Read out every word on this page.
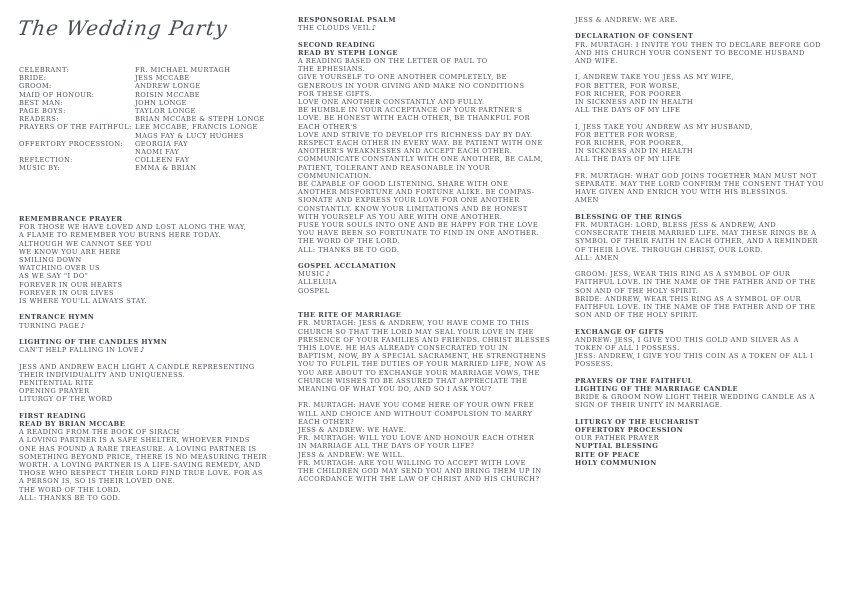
The Wedding Party
CELEBRANT:	FR. MICHAEL MURTAGH
BRIDE:	JESS MCCABE
GROOM:	ANDREW LONGE
MAID OF HONOUR:	ROISIN MCCABE
BEST MAN:	JOHN LONGE
PAGE BOYS:	TAYLOR LONGE
READERS:	BRIAN MCCABE & STEPH LONGE
PRAYERS OF THE FAITHFUL: LEE MCCABE, FRANCIS LONGE
MAGS FAY & LUCY HUGHES
OFFERTORY PROCESSION:	GEORGIA FAY
NAOMI FAY
REFLECTION:	COLLEEN FAY
MUSIC BY:	EMMA & BRIAN
REMEMBRANCE PRAYER
FOR THOSE WE HAVE LOVED AND LOST ALONG THE WAY,
A FLAME TO REMEMBER YOU BURNS HERE TODAY.
ALTHOUGH WE CANNOT SEE YOU
WE KNOW YOU ARE HERE
SMILING DOWN
WATCHING OVER US
AS WE SAY "I DO"
FOREVER IN OUR HEARTS
FOREVER IN OUR LIVES
IS WHERE YOU'LL ALWAYS STAY.
ENTRANCE HYMN
TURNING PAGE♪
LIGHTING OF THE CANDLES HYMN
CAN'T HELP FALLING IN LOVE♪
JESS AND ANDREW EACH LIGHT A CANDLE REPRESENTING
THEIR INDIVIDUALITY AND UNIQUENESS.
PENITENTIAL RITE
OPENING PRAYER
LITURGY OF THE WORD
FIRST READING
READ BY BRIAN MCCABE
A READING FROM THE BOOK OF SIRACH
A LOVING PARTNER IS A SAFE SHELTER, WHOEVER FINDS
ONE HAS FOUND A RARE TREASURE. A LOVING PARTNER IS
SOMETHING BEYOND PRICE, THERE IS NO MEASURING THEIR
WORTH. A LOVING PARTNER IS A LIFE-SAVING REMEDY, AND
THOSE WHO RESPECT THEIR LORD FIND TRUE LOVE. FOR AS
A PERSON IS, SO IS THEIR LOVED ONE.
THE WORD OF THE LORD.
ALL: THANKS BE TO GOD.
RESPONSORIAL PSALM
THE CLOUDS VEIL♪
SECOND READING
READ BY STEPH LONGE
A READING BASED ON THE LETTER OF PAUL TO
THE EPHESIANS.
GIVE YOURSELF TO ONE ANOTHER COMPLETELY, BE
GENEROUS IN YOUR GIVING AND MAKE NO CONDITIONS
FOR THESE GIFTS.
LOVE ONE ANOTHER CONSTANTLY AND FULLY.
BE HUMBLE IN YOUR ACCEPTANCE OF YOUR PARTNER'S
LOVE. BE HONEST WITH EACH OTHER, BE THANKFUL FOR
EACH OTHER'S
LOVE AND STRIVE TO DEVELOP ITS RICHNESS DAY BY DAY.
RESPECT EACH OTHER IN EVERY WAY. BE PATIENT WITH ONE
ANOTHER'S WEAKNESSES AND ACCEPT EACH OTHER.
COMMUNICATE CONSTANTLY WITH ONE ANOTHER, BE CALM,
PATIENT, TOLERANT AND REASONABLE IN YOUR
COMMUNICATION.
BE CAPABLE OF GOOD LISTENING. SHARE WITH ONE
ANOTHER MISFORTUNE AND FORTUNE ALIKE. BE COMPAS-
SIONATE AND EXPRESS YOUR LOVE FOR ONE ANOTHER
CONSTANTLY. KNOW YOUR LIMITATIONS AND BE HONEST
WITH YOURSELF AS YOU ARE WITH ONE ANOTHER.
FUSE YOUR SOULS INTO ONE AND BE HAPPY FOR THE LOVE
YOU HAVE BEEN SO FORTUNATE TO FIND IN ONE ANOTHER.
THE WORD OF THE LORD.
ALL: THANKS BE TO GOD.
GOSPEL ACCLAMATION
MUSIC♪
ALLELUIA
GOSPEL
THE RITE OF MARRIAGE
FR. MURTAGH: JESS & ANDREW, YOU HAVE COME TO THIS
CHURCH SO THAT THE LORD MAY SEAL YOUR LOVE IN THE
PRESENCE OF YOUR FAMILIES AND FRIENDS. CHRIST BLESSES
THIS LOVE. HE HAS ALREADY CONSECRATED YOU IN
BAPTISM, NOW, BY A SPECIAL SACRAMENT, HE STRENGTHENS
YOU TO FULFIL THE DUTIES OF YOUR MARRIED LIFE, NOW AS
YOU ARE ABOUT TO EXCHANGE YOUR MARRIAGE VOWS, THE
CHURCH WISHES TO BE ASSURED THAT APPRECIATE THE
MEANING OF WHAT YOU DO, AND SO I ASK YOU?
FR. MURTAGH: HAVE YOU COME HERE OF YOUR OWN FREE
WILL AND CHOICE AND WITHOUT COMPULSION TO MARRY
EACH OTHER?
JESS & ANDREW: WE HAVE.
FR. MURTAGH: WILL YOU LOVE AND HONOUR EACH OTHER
IN MARRIAGE ALL THE DAYS OF YOUR LIFE?
JESS & ANDREW: WE WILL.
FR. MURTAGH: ARE YOU WILLING TO ACCEPT WITH LOVE
THE CHILDREN GOD MAY SEND YOU AND BRING THEM UP IN
ACCORDANCE WITH THE LAW OF CHRIST AND HIS CHURCH?
JESS & ANDREW: WE ARE.
DECLARATION OF CONSENT
FR. MURTAGH: I INVITE YOU THEN TO DECLARE BEFORE GOD
AND HIS CHURCH YOUR CONSENT TO BECOME HUSBAND
AND WIFE.
I, ANDREW TAKE YOU JESS AS MY WIFE,
FOR BETTER, FOR WORSE,
FOR RICHER, FOR POORER
IN SICKNESS AND IN HEALTH
ALL THE DAYS OF MY LIFE
I, JESS TAKE YOU ANDREW AS MY HUSBAND,
FOR BETTER FOR WORSE,
FOR RICHER, FOR POORER,
IN SICKNESS AND IN HEALTH
ALL THE DAYS OF MY LIFE
FR. MURTAGH: WHAT GOD JOINS TOGETHER MAN MUST NOT
SEPARATE. MAY THE LORD CONFIRM THE CONSENT THAT YOU
HAVE GIVEN AND ENRICH YOU WITH HIS BLESSINGS.
AMEN
BLESSING OF THE RINGS
FR. MURTAGH: LORD, BLESS JESS & ANDREW, AND
CONSECRATE THEIR MARRIED LIFE. MAY THESE RINGS BE A
SYMBOL OF THEIR FAITH IN EACH OTHER, AND A REMINDER
OF THEIR LOVE. THROUGH CHRIST, OUR LORD.
ALL: AMEN
GROOM: JESS, WEAR THIS RING AS A SYMBOL OF OUR
FAITHFUL LOVE. IN THE NAME OF THE FATHER AND OF THE
SON AND OF THE HOLY SPIRIT.
BRIDE: ANDREW, WEAR THIS RING AS A SYMBOL OF OUR
FAITHFUL LOVE. IN THE NAME OF THE FATHER AND OF THE
SON AND OF THE HOLY SPIRIT.
EXCHANGE OF GIFTS
ANDREW: JESS, I GIVE YOU THIS GOLD AND SILVER AS A
TOKEN OF ALL I POSSESS.
JESS: ANDREW, I GIVE YOU THIS COIN AS A TOKEN OF ALL I
POSSESS.
PRAYERS OF THE FAITHFUL
LIGHTING OF THE MARRIAGE CANDLE
BRIDE & GROOM NOW LIGHT THEIR WEDDING CANDLE AS A
SIGN OF THEIR UNITY IN MARRIAGE.
LITURGY OF THE EUCHARIST
OFFERTORY PROCESSION
OUR FATHER PRAYER
NUPTIAL BLESSING
RITE OF PEACE
HOLY COMMUNION
